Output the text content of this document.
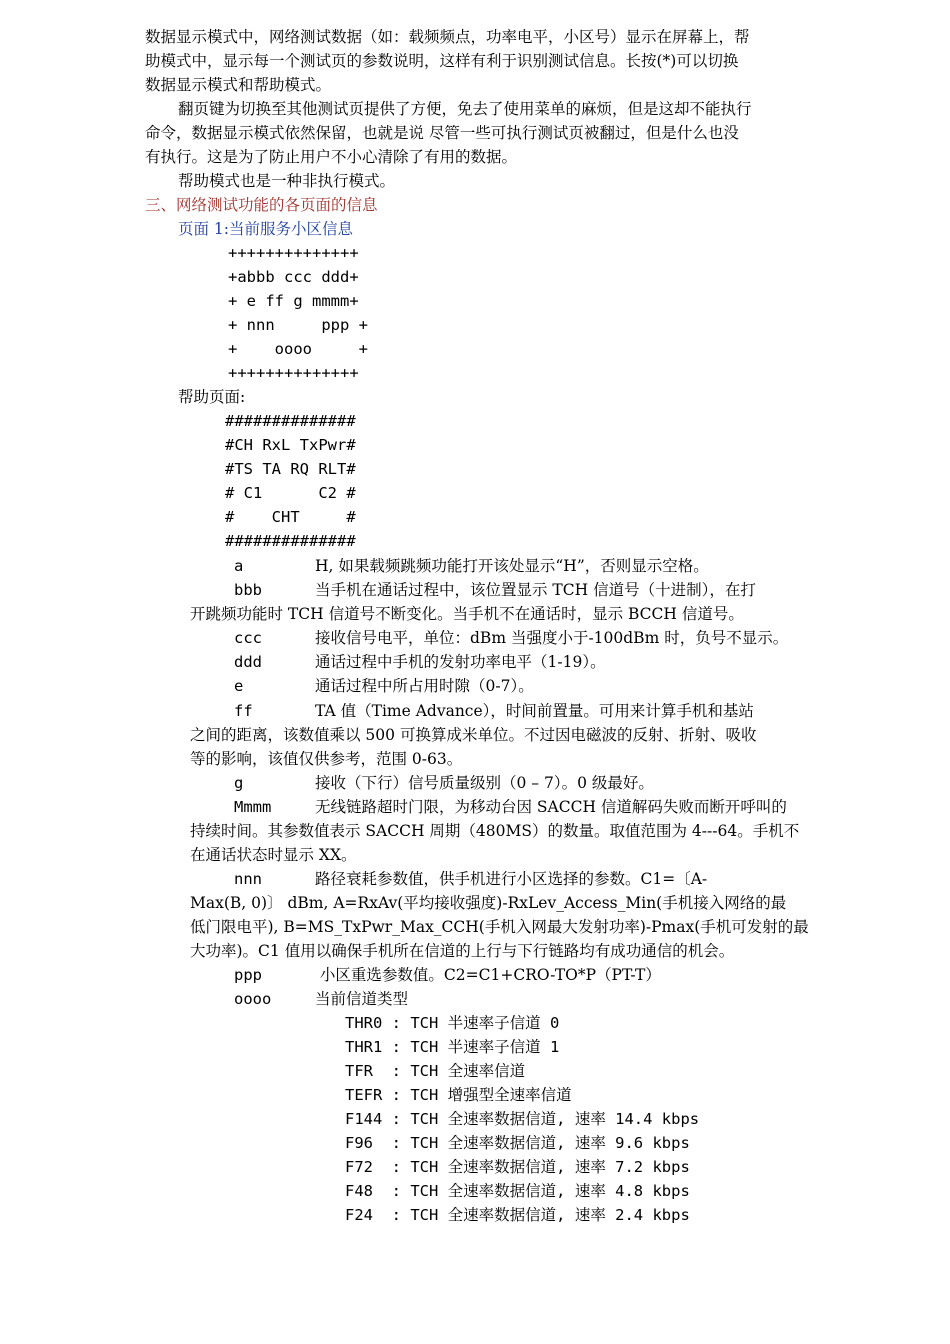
数据显示模式中，网络测试数据（如：载频频点，功率电平，小区号）显示在屏幕上，帮
助模式中，显示每一个测试页的参数说明，这样有利于识别测试信息。长按(*)可以切换
数据显示模式和帮助模式。
翻页键为切换至其他测试页提供了方便，免去了使用菜单的麻烦，但是这却不能执行
命令，数据显示模式依然保留，也就是说 尽管一些可执行测试页被翻过，但是什么也没
有执行。这是为了防止用户不小心清除了有用的数据。
帮助模式也是一种非执行模式。
三、网络测试功能的各页面的信息
页面 1:当前服务小区信息
++++++++++++++
+abbb ccc ddd+
+ e ff g mmmm+
+ nnn     ppp +
+    oooo     +
++++++++++++++
帮助页面:
##############
#CH RxL TxPwr#
#TS TA RQ RLT#
# C1      C2 #
#    CHT     #
##############
a	H, 如果载频跳频功能打开该处显示“H”，否则显示空格。
bbb	当手机在通话过程中，该位置显示 TCH 信道号（十进制），在打
开跳频功能时 TCH 信道号不断变化。当手机不在通话时，显示 BCCH 信道号。
ccc	接收信号电平，单位：dBm 当强度小于-100dBm 时，负号不显示。
ddd	通话过程中手机的发射功率电平（1-19）。
e	通话过程中所占用时隙（0-7）。
ff	TA 值（Time Advance），时间前置量。可用来计算手机和基站
之间的距离，该数值乘以 500 可换算成米单位。不过因电磁波的反射、折射、吸收
等的影响，该值仅供参考，范围 0-63。
g	接收（下行）信号质量级别（0 – 7）。0 级最好。
Mmmm	无线链路超时门限，为移动台因 SACCH 信道解码失败而断开呼叫的
持续时间。其参数值表示 SACCH 周期（480MS）的数量。取值范围为 4---64。手机不
在通话状态时显示 XX。
nnn	路径衰耗参数值，供手机进行小区选择的参数。C1=〔A-
Max(B, 0)〕 dBm, A=RxAv(平均接收强度)-RxLev_Access_Min(手机接入网络的最
低门限电平), B=MS_TxPwr_Max_CCH(手机入网最大发射功率)-Pmax(手机可发射的最
大功率)。C1 值用以确保手机所在信道的上行与下行链路均有成功通信的机会。
ppp	小区重选参数值。C2=C1+CRO-TO*P（PT-T）
oooo	当前信道类型
THR0 : TCH 半速率子信道 0
THR1 : TCH 半速率子信道 1
TFR  : TCH 全速率信道
TEFR : TCH 增强型全速率信道
F144 : TCH 全速率数据信道, 速率 14.4 kbps
F96  : TCH 全速率数据信道, 速率 9.6 kbps
F72  : TCH 全速率数据信道, 速率 7.2 kbps
F48  : TCH 全速率数据信道, 速率 4.8 kbps
F24  : TCH 全速率数据信道, 速率 2.4 kbps
